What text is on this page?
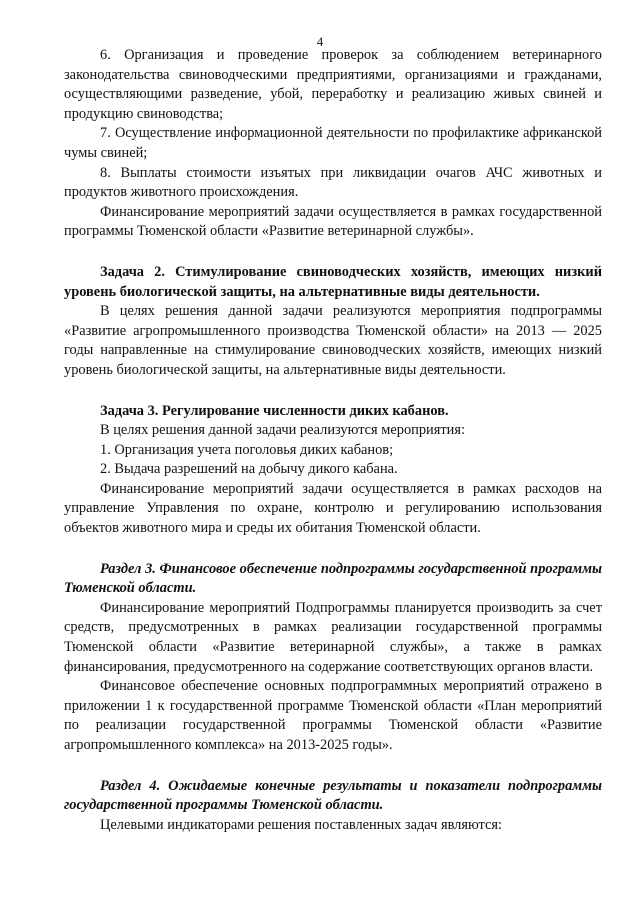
4

6. Организация и проведение проверок за соблюдением ветеринарного законодательства свиноводческими предприятиями, организациями и гражданами, осуществляющими разведение, убой, переработку и реализацию живых свиней и продукцию свиноводства;

7. Осуществление информационной деятельности по профилактике африканской чумы свиней;

8. Выплаты стоимости изъятых при ликвидации очагов АЧС животных и продуктов животного происхождения.

Финансирование мероприятий задачи осуществляется в рамках государственной программы Тюменской области «Развитие ветеринарной службы».

Задача 2. Стимулирование свиноводческих хозяйств, имеющих низкий уровень биологической защиты, на альтернативные виды деятельности.

В целях решения данной задачи реализуются мероприятия подпрограммы «Развитие агропромышленного производства Тюменской области» на 2013 — 2025 годы направленные на стимулирование свиноводческих хозяйств, имеющих низкий уровень биологической защиты, на альтернативные виды деятельности.

Задача 3. Регулирование численности диких кабанов.

В целях решения данной задачи реализуются мероприятия:

1. Организация учета поголовья диких кабанов;

2. Выдача разрешений на добычу дикого кабана.

Финансирование мероприятий задачи осуществляется в рамках расходов на управление Управления по охране, контролю и регулированию использования объектов животного мира и среды их обитания Тюменской области.

Раздел 3. Финансовое обеспечение подпрограммы государственной программы Тюменской области.

Финансирование мероприятий Подпрограммы планируется производить за счет средств, предусмотренных в рамках реализации государственной программы Тюменской области «Развитие ветеринарной службы», а также в рамках финансирования, предусмотренного на содержание соответствующих органов власти.

Финансовое обеспечение основных подпрограммных мероприятий отражено в приложении 1 к государственной программе Тюменской области «План мероприятий по реализации государственной программы Тюменской области «Развитие агропромышленного комплекса» на 2013-2025 годы».

Раздел 4. Ожидаемые конечные результаты и показатели подпрограммы государственной программы Тюменской области.

Целевыми индикаторами решения поставленных задач являются:
